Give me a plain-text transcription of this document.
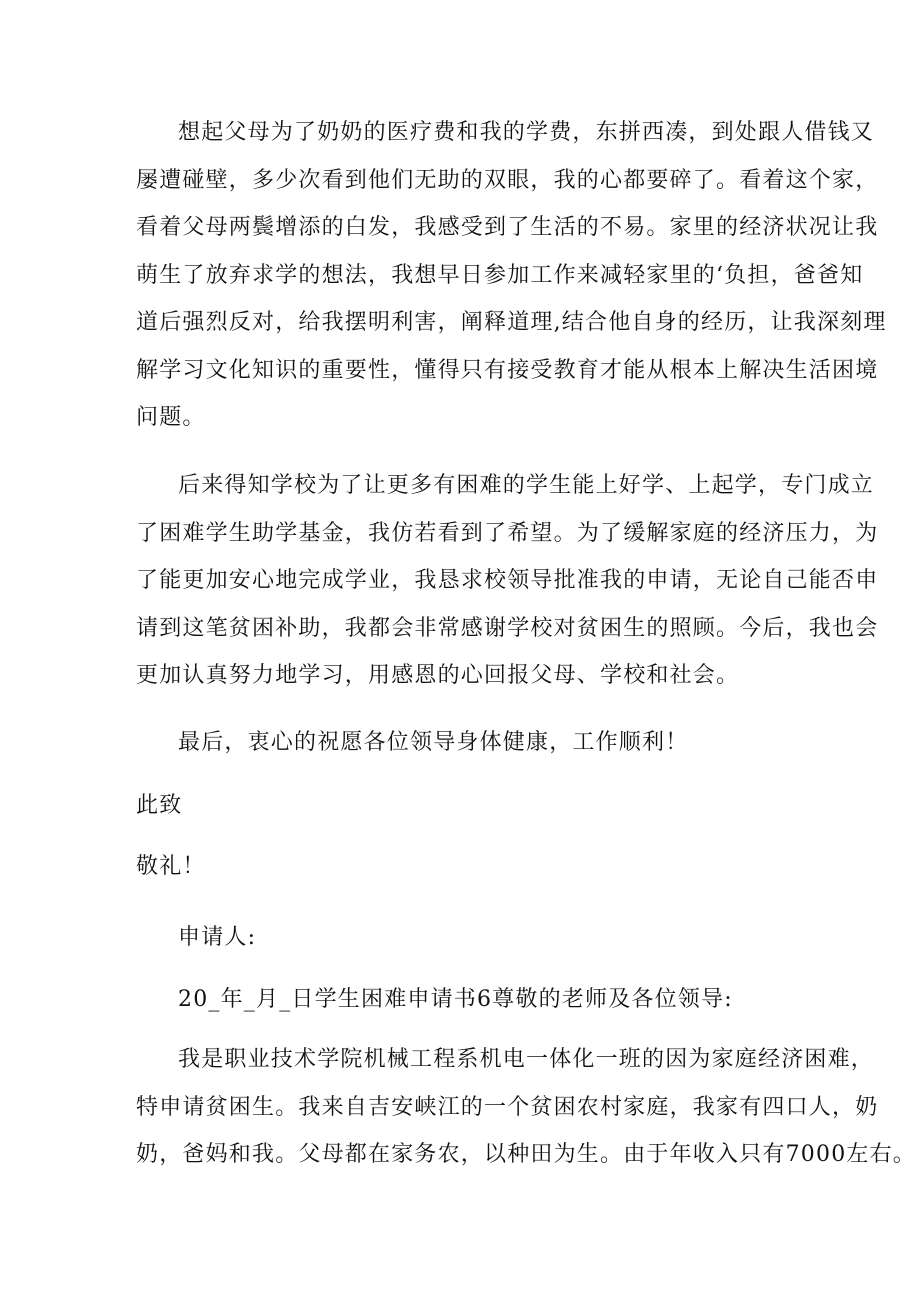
想起父母为了奶奶的医疗费和我的学费，东拼西凑，到处跟人借钱又
屡遭碰壁，多少次看到他们无助的双眼，我的心都要碎了。看着这个家，
看着父母两鬓增添的白发，我感受到了生活的不易。家里的经济状况让我
萌生了放弃求学的想法，我想早日参加工作来减轻家里的‘负担，爸爸知
道后强烈反对，给我摆明利害，阐释道理,结合他自身的经历，让我深刻理
解学习文化知识的重要性，懂得只有接受教育才能从根本上解决生活困境
问题。
后来得知学校为了让更多有困难的学生能上好学、上起学，专门成立
了困难学生助学基金，我仿若看到了希望。为了缓解家庭的经济压力，为
了能更加安心地完成学业，我恳求校领导批准我的申请，无论自己能否申
请到这笔贫困补助，我都会非常感谢学校对贫困生的照顾。今后，我也会
更加认真努力地学习，用感恩的心回报父母、学校和社会。
最后，衷心的祝愿各位领导身体健康，工作顺利！
此致
敬礼！
申请人:
20_年_月_日学生困难申请书6尊敬的老师及各位领导:
我是职业技术学院机械工程系机电一体化一班的因为家庭经济困难，
特申请贫困生。我来自吉安峡江的一个贫困农村家庭，我家有四口人，奶
奶，爸妈和我。父母都在家务农，以种田为生。由于年收入只有7000左右。
